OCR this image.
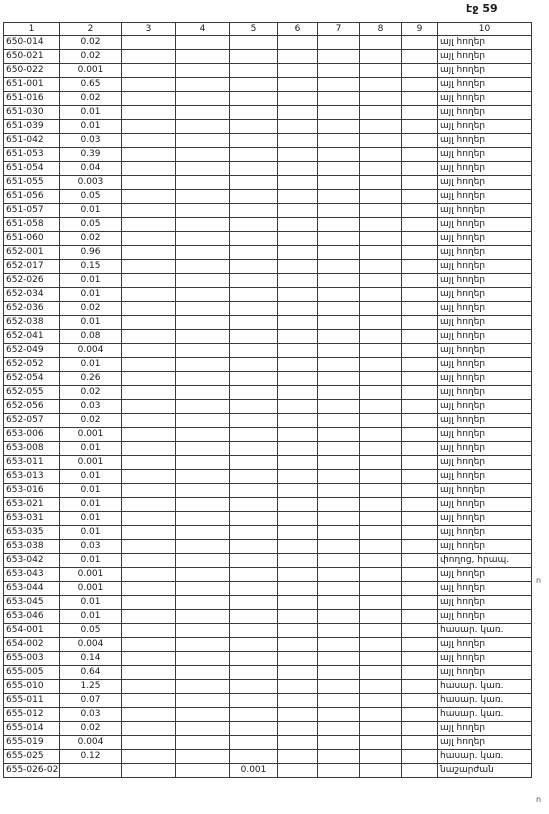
էջ 59
1	2	3	4	5	6	7	8	9	10
650-014	0.02								այլ հողեր
650-021	0.02								այլ հողեր
650-022	0.001								այլ հողեր
651-001	0.65								այլ հողեր
651-016	0.02								այլ հողեր
651-030	0.01								այլ հողեր
651-039	0.01								այլ հողեր
651-042	0.03								այլ հողեր
651-053	0.39								այլ հողեր
651-054	0.04								այլ հողեր
651-055	0.003								այլ հողեր
651-056	0.05								այլ հողեր
651-057	0.01								այլ հողեր
651-058	0.05								այլ հողեր
651-060	0.02								այլ հողեր
652-001	0.96								այլ հողեր
652-017	0.15								այլ հողեր
652-026	0.01								այլ հողեր
652-034	0.01								այլ հողեր
652-036	0.02								այլ հողեր
652-038	0.01								այլ հողեր
652-041	0.08								այլ հողեր
652-049	0.004								այլ հողեր
652-052	0.01								այլ հողեր
652-054	0.26								այլ հողեր
652-055	0.02								այլ հողեր
652-056	0.03								այլ հողեր
652-057	0.02								այլ հողեր
653-006	0.001								այլ հողեր
653-008	0.01								այլ հողեր
653-011	0.001								այլ հողեր
653-013	0.01								այլ հողեր
653-016	0.01								այլ հողեր
653-021	0.01								այլ հողեր
653-031	0.01								այլ հողեր
653-035	0.01								այլ հողեր
653-038	0.03								այլ հողեր
653-042	0.01								փողոց, հրապ.
653-043	0.001								այլ հողեր
653-044	0.001								այլ հողեր
653-045	0.01								այլ հողեր
653-046	0.01								այլ հողեր
654-001	0.05								հասար. կառ.
654-002	0.004								այլ հողեր
655-003	0.14								այլ հողեր
655-005	0.64								այլ հողեր
655-010	1.25								հասար. կառ.
655-011	0.07								հասար. կառ.
655-012	0.03								հասար. կառ.
655-014	0.02								այլ հողեր
655-019	0.004								այլ հողեր
655-025	0.12								հասար. կառ.
655-026-02				0.001					նաշարժան
ո
ո
